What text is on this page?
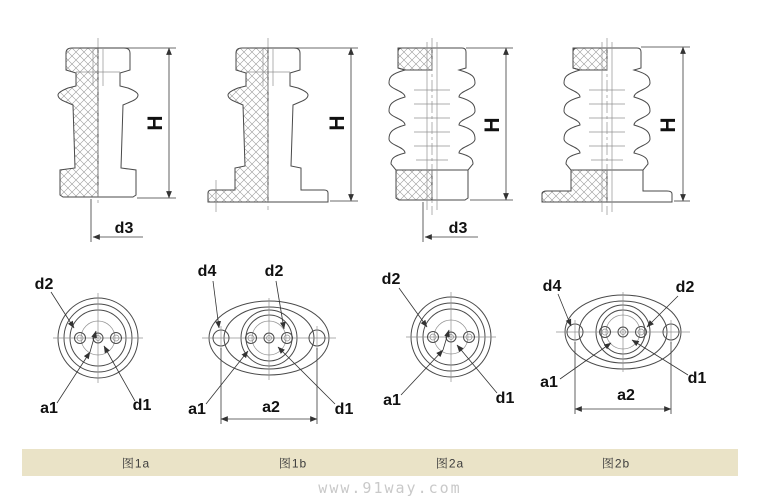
H	H	H	H
d3	d3
d2
a1	d1
d4	d2
a1	a2	d1
d2
a1	d1
d4	d2
a1
a2
d1
图1a	图1b	图2a	图2b
www.91way.com
